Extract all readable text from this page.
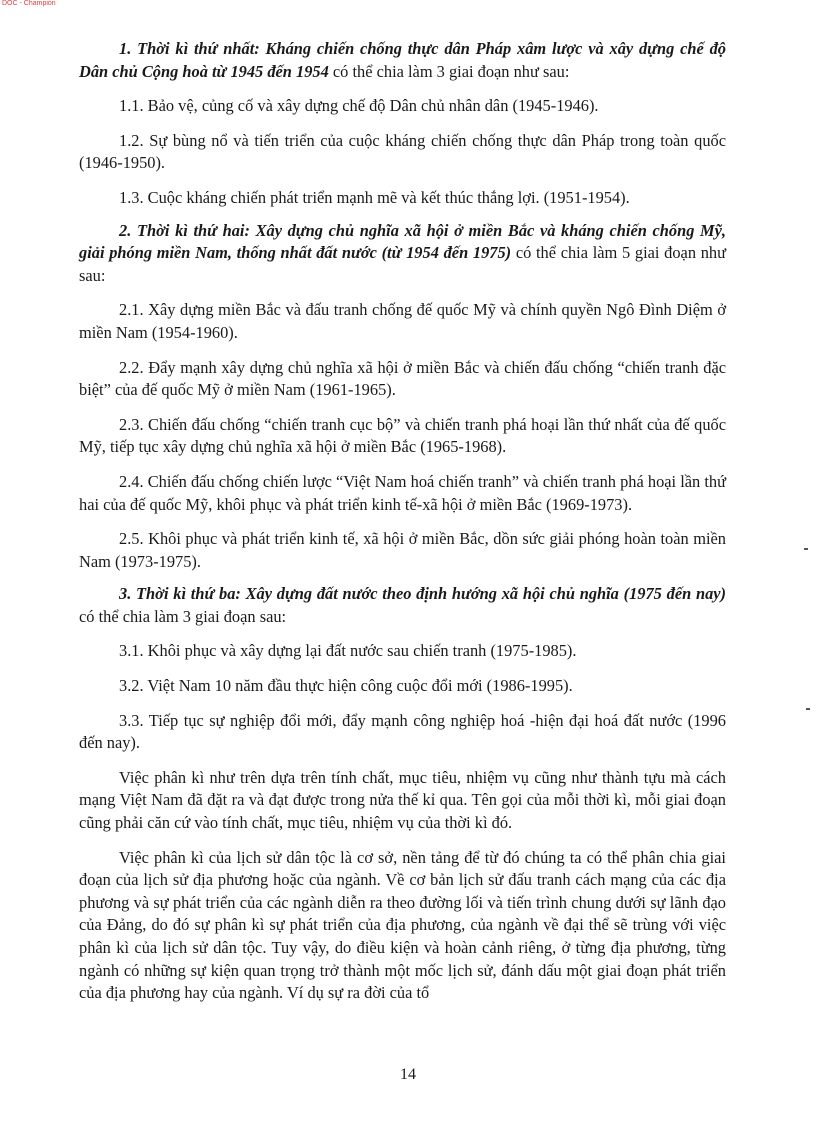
DOC - Champion

1. Thời kì thứ nhất: Kháng chiến chống thực dân Pháp xâm lược và xây dựng chế độ Dân chủ Cộng hoà từ 1945 đến 1954 có thể chia làm 3 giai đoạn như sau:

1.1. Bảo vệ, củng cố và xây dựng chế độ Dân chủ nhân dân (1945-1946).

1.2. Sự bùng nổ và tiến triển của cuộc kháng chiến chống thực dân Pháp trong toàn quốc (1946-1950).

1.3. Cuộc kháng chiến phát triển mạnh mẽ và kết thúc thắng lợi. (1951-1954).

2. Thời kì thứ hai: Xây dựng chủ nghĩa xã hội ở miền Bắc và kháng chiến chống Mỹ, giải phóng miền Nam, thống nhất đất nước (từ 1954 đến 1975) có thể chia làm 5 giai đoạn như sau:

2.1. Xây dựng miền Bắc và đấu tranh chống đế quốc Mỹ và chính quyền Ngô Đình Diệm ở miền Nam (1954-1960).

2.2. Đẩy mạnh xây dựng chủ nghĩa xã hội ở miền Bắc và chiến đấu chống “chiến tranh đặc biệt” của đế quốc Mỹ ở miền Nam (1961-1965).

2.3. Chiến đấu chống “chiến tranh cục bộ” và chiến tranh phá hoại lần thứ nhất của đế quốc Mỹ, tiếp tục xây dựng chủ nghĩa xã hội ở miền Bắc (1965-1968).

2.4. Chiến đấu chống chiến lược “Việt Nam hoá chiến tranh” và chiến tranh phá hoại lần thứ hai của đế quốc Mỹ, khôi phục và phát triển kinh tế-xã hội ở miền Bắc (1969-1973).

2.5. Khôi phục và phát triển kinh tế, xã hội ở miền Bắc, dồn sức giải phóng hoàn toàn miền Nam (1973-1975).

3. Thời kì thứ ba: Xây dựng đất nước theo định hướng xã hội chủ nghĩa (1975 đến nay) có thể chia làm 3 giai đoạn sau:

3.1. Khôi phục và xây dựng lại đất nước sau chiến tranh (1975-1985).

3.2. Việt Nam 10 năm đầu thực hiện công cuộc đổi mới (1986-1995).

3.3. Tiếp tục sự nghiệp đổi mới, đẩy mạnh công nghiệp hoá -hiện đại hoá đất nước (1996 đến nay).

Việc phân kì như trên dựa trên tính chất, mục tiêu, nhiệm vụ cũng như thành tựu mà cách mạng Việt Nam đã đặt ra và đạt được trong nửa thế kỉ qua. Tên gọi của mỗi thời kì, mỗi giai đoạn cũng phải căn cứ vào tính chất, mục tiêu, nhiệm vụ của thời kì đó.

Việc phân kì của lịch sử dân tộc là cơ sở, nền tảng để từ đó chúng ta có thể phân chia giai đoạn của lịch sử địa phương hoặc của ngành. Về cơ bản lịch sử đấu tranh cách mạng của các địa phương và sự phát triển của các ngành diễn ra theo đường lối và tiến trình chung dưới sự lãnh đạo của Đảng, do đó sự phân kì sự phát triển của địa phương, của ngành về đại thể sẽ trùng với việc phân kì của lịch sử dân tộc. Tuy vậy, do điều kiện và hoàn cảnh riêng, ở từng địa phương, từng ngành có những sự kiện quan trọng trở thành một mốc lịch sử, đánh dấu một giai đoạn phát triển của địa phương hay của ngành. Ví dụ sự ra đời của tổ

14
